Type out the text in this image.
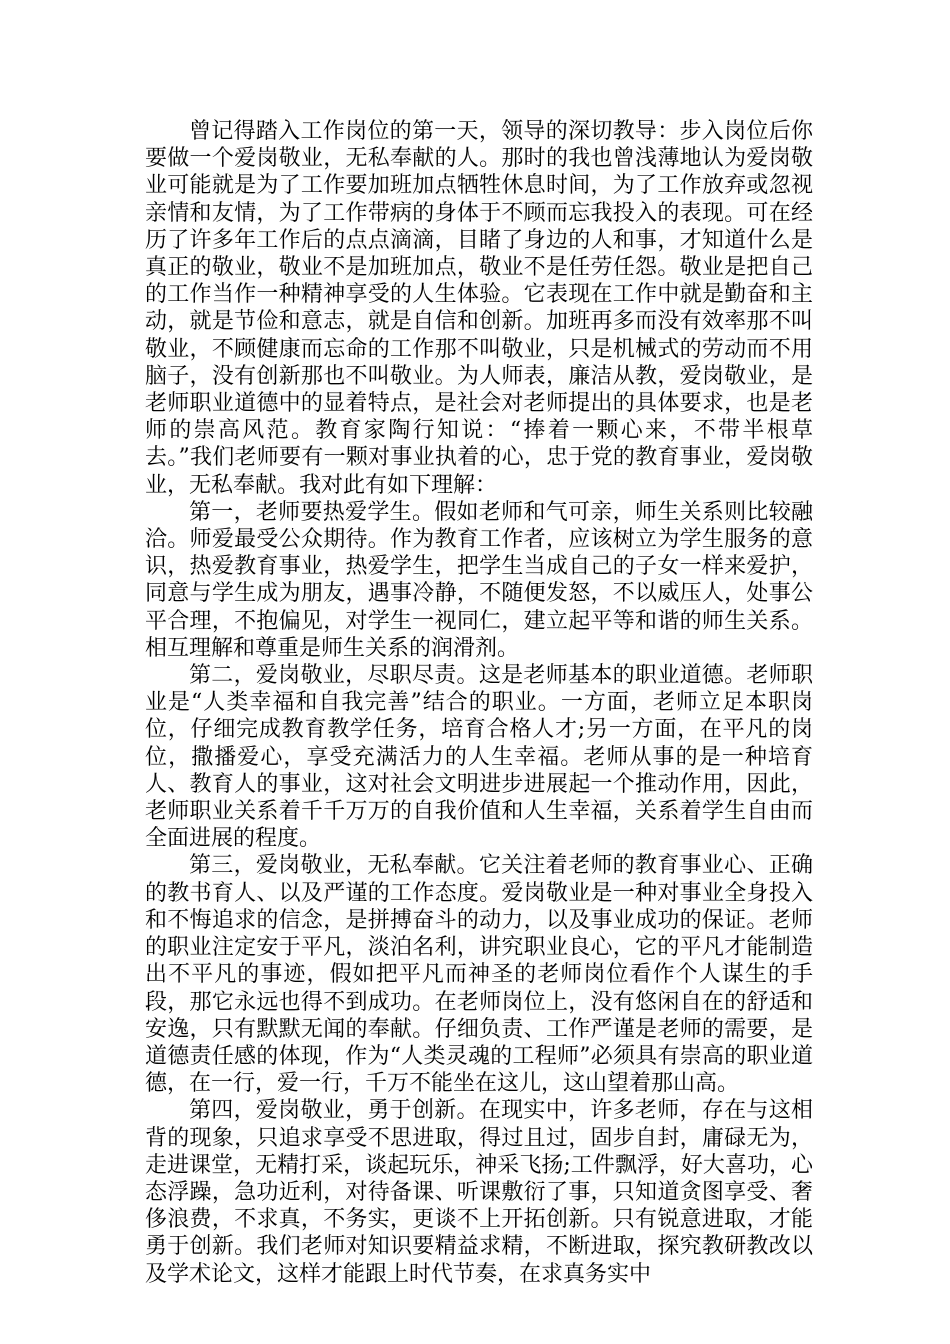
曾记得踏入工作岗位的第一天，领导的深切教导：步入岗位后你要做一个爱岗敬业，无私奉献的人。那时的我也曾浅薄地认为爱岗敬业可能就是为了工作要加班加点牺牲休息时间，为了工作放弃或忽视亲情和友情，为了工作带病的身体于不顾而忘我投入的表现。可在经历了许多年工作后的点点滴滴，目睹了身边的人和事，才知道什么是真正的敬业，敬业不是加班加点，敬业不是任劳任怨。敬业是把自己的工作当作一种精神享受的人生体验。它表现在工作中就是勤奋和主动，就是节俭和意志，就是自信和创新。加班再多而没有效率那不叫敬业，不顾健康而忘命的工作那不叫敬业，只是机械式的劳动而不用脑子，没有创新那也不叫敬业。为人师表，廉洁从教，爱岗敬业，是老师职业道德中的显着特点，是社会对老师提出的具体要求，也是老师的崇高风范。教育家陶行知说：“捧着一颗心来，不带半根草去。”我们老师要有一颗对事业执着的心，忠于党的教育事业，爱岗敬业，无私奉献。我对此有如下理解：

第一，老师要热爱学生。假如老师和气可亲，师生关系则比较融洽。师爱最受公众期待。作为教育工作者，应该树立为学生服务的意识，热爱教育事业，热爱学生，把学生当成自己的子女一样来爱护，同意与学生成为朋友，遇事冷静，不随便发怒，不以威压人，处事公平合理，不抱偏见，对学生一视同仁，建立起平等和谐的师生关系。相互理解和尊重是师生关系的润滑剂。

第二，爱岗敬业，尽职尽责。这是老师基本的职业道德。老师职业是“人类幸福和自我完善”结合的职业。一方面，老师立足本职岗位，仔细完成教育教学任务，培育合格人才;另一方面，在平凡的岗位，撒播爱心，享受充满活力的人生幸福。老师从事的是一种培育人、教育人的事业，这对社会文明进步进展起一个推动作用，因此，老师职业关系着千千万万的自我价值和人生幸福，关系着学生自由而全面进展的程度。

第三，爱岗敬业，无私奉献。它关注着老师的教育事业心、正确的教书育人、以及严谨的工作态度。爱岗敬业是一种对事业全身投入和不悔追求的信念，是拼搏奋斗的动力，以及事业成功的保证。老师的职业注定安于平凡，淡泊名利，讲究职业良心，它的平凡才能制造出不平凡的事迹，假如把平凡而神圣的老师岗位看作个人谋生的手段，那它永远也得不到成功。在老师岗位上，没有悠闲自在的舒适和安逸，只有默默无闻的奉献。仔细负责、工作严谨是老师的需要，是道德责任感的体现，作为“人类灵魂的工程师”必须具有崇高的职业道德，在一行，爱一行，千万不能坐在这儿，这山望着那山高。

第四，爱岗敬业，勇于创新。在现实中，许多老师，存在与这相背的现象，只追求享受不思进取，得过且过，固步自封，庸碌无为，走进课堂，无精打采，谈起玩乐，神采飞扬;工件飘浮，好大喜功，心态浮躁，急功近利，对待备课、听课敷衍了事，只知道贪图享受、奢侈浪费，不求真，不务实，更谈不上开拓创新。只有锐意进取，才能勇于创新。我们老师对知识要精益求精，不断进取，探究教研教改以及学术论文，这样才能跟上时代节奏，在求真务实中
